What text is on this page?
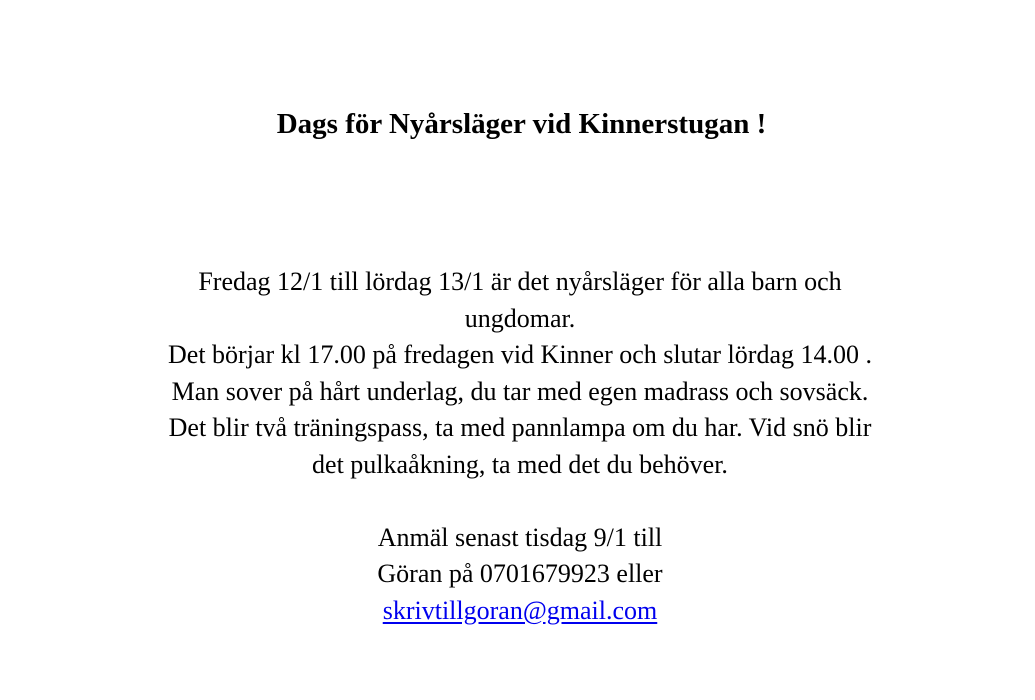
Dags för Nyårsläger vid Kinnerstugan !
Fredag 12/1 till lördag 13/1 är det nyårsläger för alla barn och
ungdomar.
Det börjar kl 17.00 på fredagen vid Kinner och slutar lördag 14.00 .
Man sover på hårt underlag, du tar med egen madrass och sovsäck.
Det blir två träningspass, ta med pannlampa om du har. Vid snö blir
det pulkaåkning, ta med det du behöver.
Anmäl senast tisdag 9/1 till
Göran på 0701679923 eller
skrivtillgoran@gmail.com
